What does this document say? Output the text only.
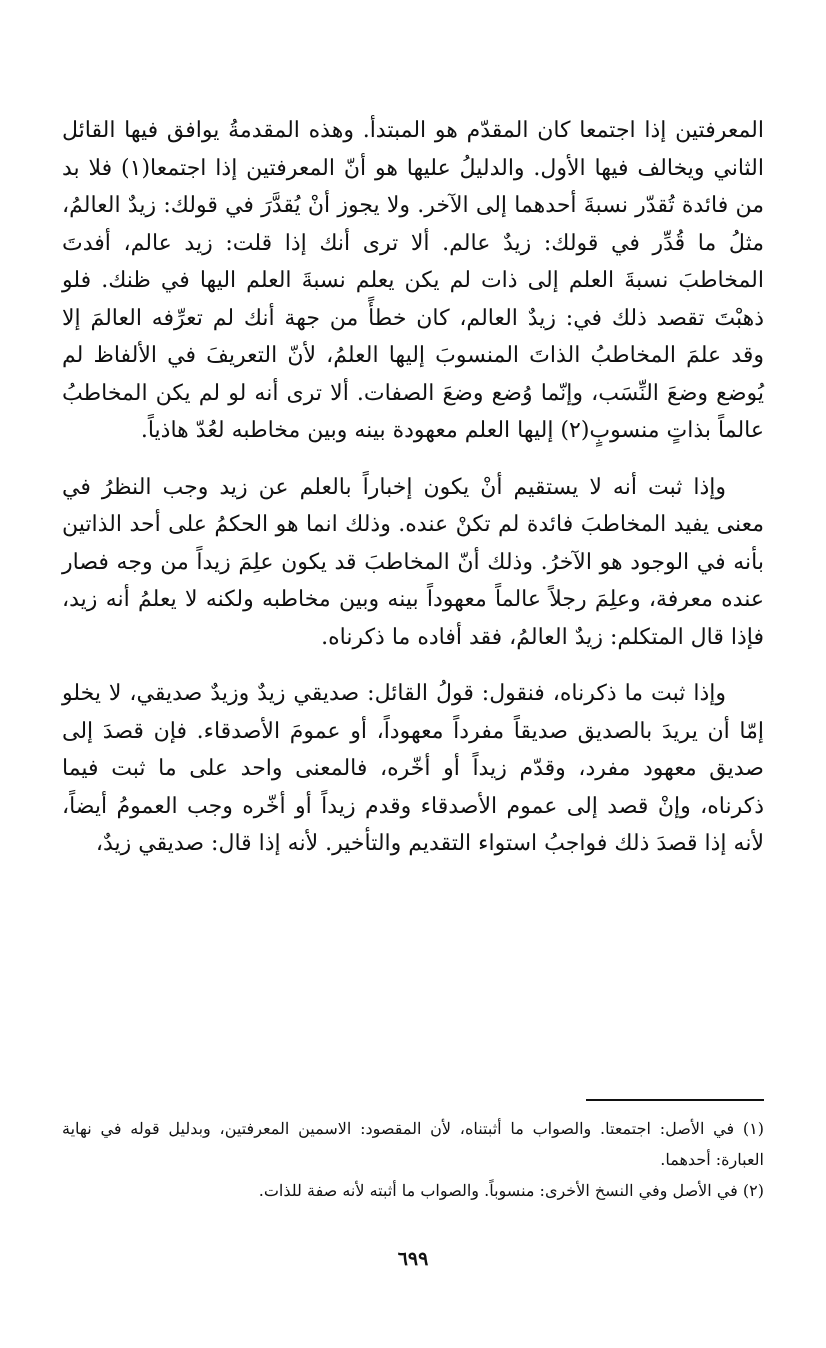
المعرفتين إذا اجتمعا كان المقدّم هو المبتدأ. وهذه المقدمةُ يوافق فيها القائل الثاني ويخالف فيها الأول. والدليلُ عليها هو أنّ المعرفتين إذا اجتمعا(١) فلا بد من فائدة تُقدّر نسبةَ أحدهما إلى الآخر. ولا يجوز أنْ يُقدَّرَ في قولك: زيدٌ العالمُ، مثلُ ما قُدِّر في قولك: زيدٌ عالم. ألا ترى أنك إذا قلت: زيد عالم، أفدتَ المخاطبَ نسبةَ العلم إلى ذات لم يكن يعلم نسبةَ العلم اليها في ظنك. فلو ذهبْتَ تقصد ذلك في: زيدٌ العالم، كان خطأً من جهة أنك لم تعرِّفه العالمَ إلا وقد علمَ المخاطبُ الذاتَ المنسوبَ إليها العلمُ، لأنّ التعريفَ في الألفاظ لم يُوضع وضعَ النِّسَب، وإنّما وُضع وضعَ الصفات. ألا ترى أنه لو لم يكن المخاطبُ عالماً بذاتٍ منسوبٍ(٢) إليها العلم معهودة بينه وبين مخاطبه لعُدّ هاذياً.

وإذا ثبت أنه لا يستقيم أنْ يكون إخباراً بالعلم عن زيد وجب النظرُ في معنى يفيد المخاطبَ فائدة لم تكنْ عنده. وذلك انما هو الحكمُ على أحد الذاتين بأنه في الوجود هو الآخرُ. وذلك أنّ المخاطبَ قد يكون علِمَ زيداً من وجه فصار عنده معرفة، وعلِمَ رجلاً عالماً معهوداً بينه وبين مخاطبه ولكنه لا يعلمُ أنه زيد، فإذا قال المتكلم: زيدٌ العالمُ، فقد أفاده ما ذكرناه.

وإذا ثبت ما ذكرناه، فنقول: قولُ القائل: صديقي زيدٌ وزيدٌ صديقي، لا يخلو إمّا أن يريدَ بالصديق صديقاً مفرداً معهوداً، أو عمومَ الأصدقاء. فإن قصدَ إلى صديق معهود مفرد، وقدّم زيداً أو أخّره، فالمعنى واحد على ما ثبت فيما ذكرناه، وإنْ قصد إلى عموم الأصدقاء وقدم زيداً أو أخّره وجب العمومُ أيضاً، لأنه إذا قصدَ ذلك فواجبُ استواء التقديم والتأخير. لأنه إذا قال: صديقي زيدٌ،

(١) في الأصل: اجتمعتا. والصواب ما أثبتناه، لأن المقصود: الاسمين المعرفتين، وبدليل قوله في نهاية العبارة: أحدهما.

(٢) في الأصل وفي النسخ الأخرى: منسوباً. والصواب ما أثبته لأنه صفة للذات.

٦٩٩
